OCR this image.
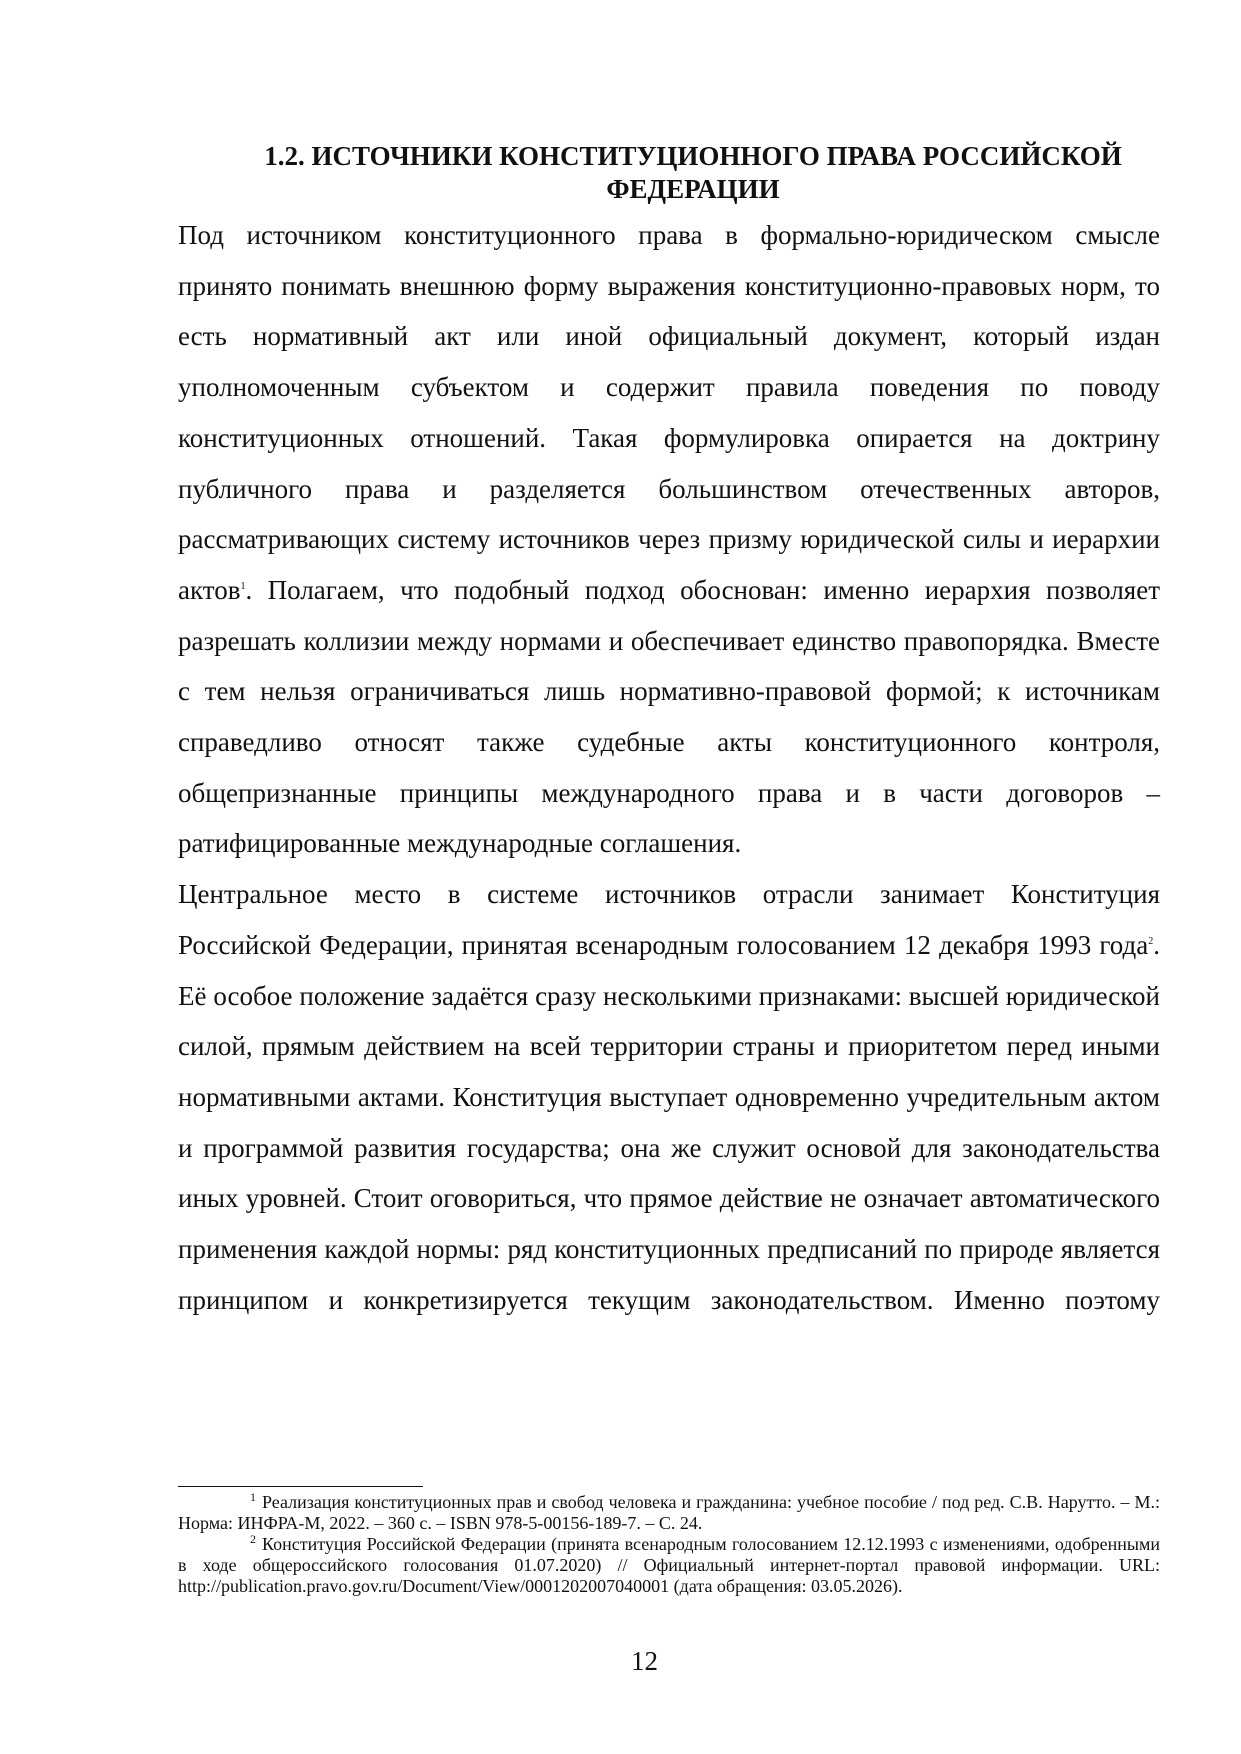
1.2. ИСТОЧНИКИ КОНСТИТУЦИОННОГО ПРАВА РОССИЙСКОЙ
ФЕДЕРАЦИИ

Под источником конституционного права в формально-юридическом смысле принято понимать внешнюю форму выражения конституционно-правовых норм, то есть нормативный акт или иной официальный документ, который издан уполномоченным субъектом и содержит правила поведения по поводу конституционных отношений. Такая формулировка опирается на доктрину публичного права и разделяется большинством отечественных авторов, рассматривающих систему источников через призму юридической силы и иерархии актов$^1$. Полагаем, что подобный подход обоснован: именно иерархия позволяет разрешать коллизии между нормами и обеспечивает единство правопорядка. Вместе с тем нельзя ограничиваться лишь нормативно-правовой формой; к источникам справедливо относят также судебные акты конституционного контроля, общепризнанные принципы международного права и в части договоров – ратифицированные международные соглашения.

Центральное место в системе источников отрасли занимает Конституция Российской Федерации, принятая всенародным голосованием 12 декабря 1993 года$^2$. Её особое положение задаётся сразу несколькими признаками: высшей юридической силой, прямым действием на всей территории страны и приоритетом перед иными нормативными актами. Конституция выступает одновременно учредительным актом и программой развития государства; она же служит основой для законодательства иных уровней. Стоит оговориться, что прямое действие не означает автоматического применения каждой нормы: ряд конституционных предписаний по природе является принципом и конкретизируется текущим законодательством. Именно поэтому

$^1$ Реализация конституционных прав и свобод человека и гражданина: учебное пособие / под ред. С.В. Нарутто. – М.: Норма: ИНФРА-М, 2022. – 360 с. – ISBN 978-5-00156-189-7. – С. 24.

$^2$ Конституция Российской Федерации (принята всенародным голосованием 12.12.1993 с изменениями, одобренными в ходе общероссийского голосования 01.07.2020) // Официальный интернет-портал правовой информации. URL: http://publication.pravo.gov.ru/Document/View/0001202007040001 (дата обращения: 03.05.2026).

12
